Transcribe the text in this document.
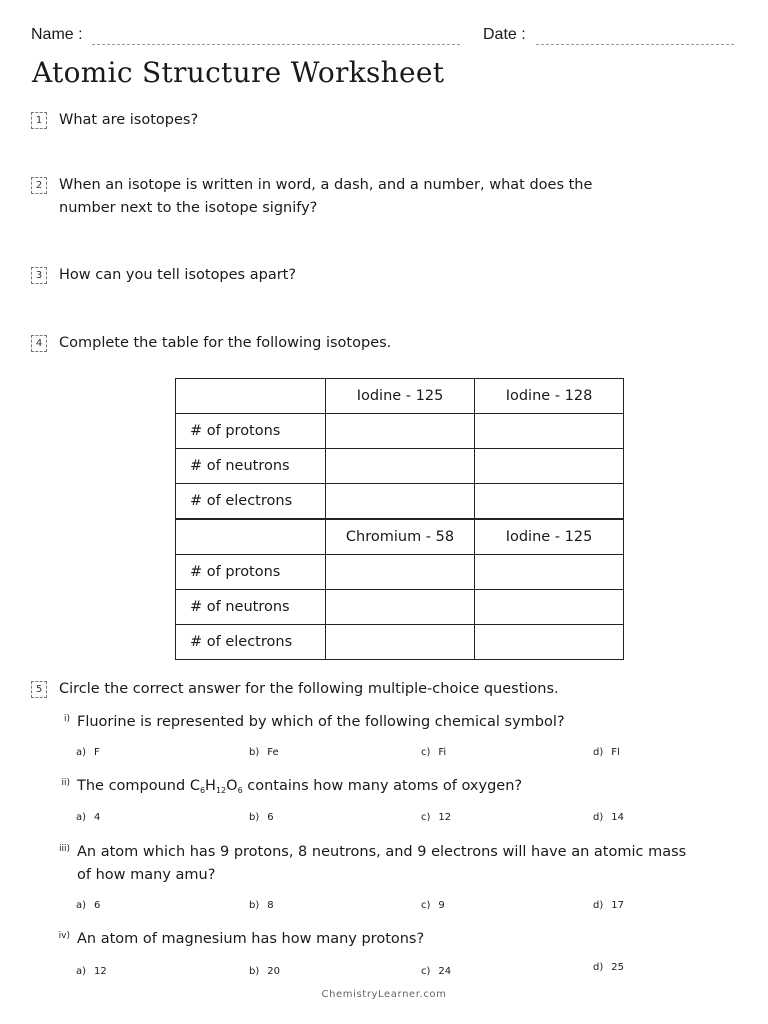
Name :	Date :
Atomic Structure Worksheet
1	What are isotopes?
2	When an isotope is written in word, a dash, and a number, what does the
number next to the isotope signify?
3	How can you tell isotopes apart?
4	Complete the table for the following isotopes.
	Iodine - 125	Iodine - 128
# of protons		
# of neutrons		
# of electrons		
	Chromium - 58	Iodine - 125
# of protons		
# of neutrons		
# of electrons		
5	Circle the correct answer for the following multiple-choice questions.
i) Fluorine is represented by which of the following chemical symbol?
a) F	b) Fe	c) Fi	d) Fl
ii) The compound $C_6H_{12}O_6$ contains how many atoms of oxygen?
a) 4	b) 6	c) 12	d) 14
iii) An atom which has 9 protons, 8 neutrons, and 9 electrons will have an atomic mass
of how many amu?
a) 6	b) 8	c) 9	d) 17
iv) An atom of magnesium has how many protons?
a) 12	b) 20	c) 24	d) 25
ChemistryLearner.com
